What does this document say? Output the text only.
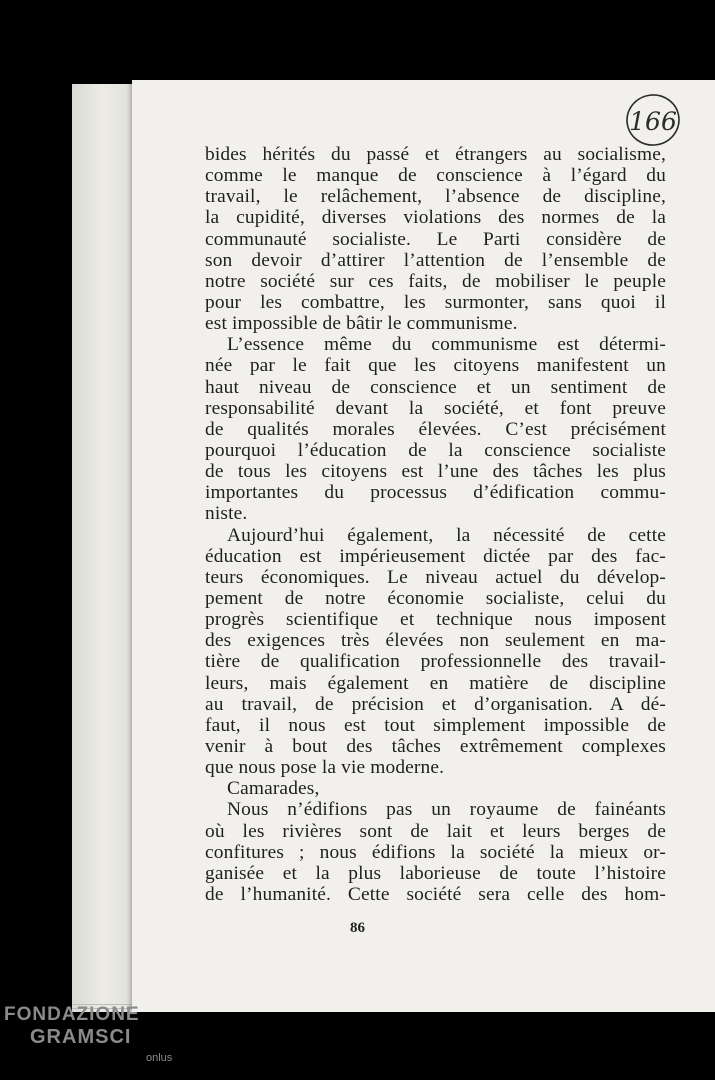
166
bides hérités du passé et étrangers au socialisme,
comme le manque de conscience à l’égard du
travail, le relâchement, l’absence de discipline,
la cupidité, diverses violations des normes de la
communauté socialiste. Le Parti considère de
son devoir d’attirer l’attention de l’ensemble de
notre société sur ces faits, de mobiliser le peuple
pour les combattre, les surmonter, sans quoi il
est impossible de bâtir le communisme.
L’essence même du communisme est détermi-
née par le fait que les citoyens manifestent un
haut niveau de conscience et un sentiment de
responsabilité devant la société, et font preuve
de qualités morales élevées. C’est précisément
pourquoi l’éducation de la conscience socialiste
de tous les citoyens est l’une des tâches les plus
importantes du processus d’édification commu-
niste.
Aujourd’hui également, la nécessité de cette
éducation est impérieusement dictée par des fac-
teurs économiques. Le niveau actuel du dévelop-
pement de notre économie socialiste, celui du
progrès scientifique et technique nous imposent
des exigences très élevées non seulement en ma-
tière de qualification professionnelle des travail-
leurs, mais également en matière de discipline
au travail, de précision et d’organisation. A dé-
faut, il nous est tout simplement impossible de
venir à bout des tâches extrêmement complexes
que nous pose la vie moderne.
Camarades,
Nous n’édifions pas un royaume de fainéants
où les rivières sont de lait et leurs berges de
confitures ; nous édifions la société la mieux or-
ganisée et la plus laborieuse de toute l’histoire
de l’humanité. Cette société sera celle des hom-
86
FONDAZIONE
GRAMSCI
onlus
